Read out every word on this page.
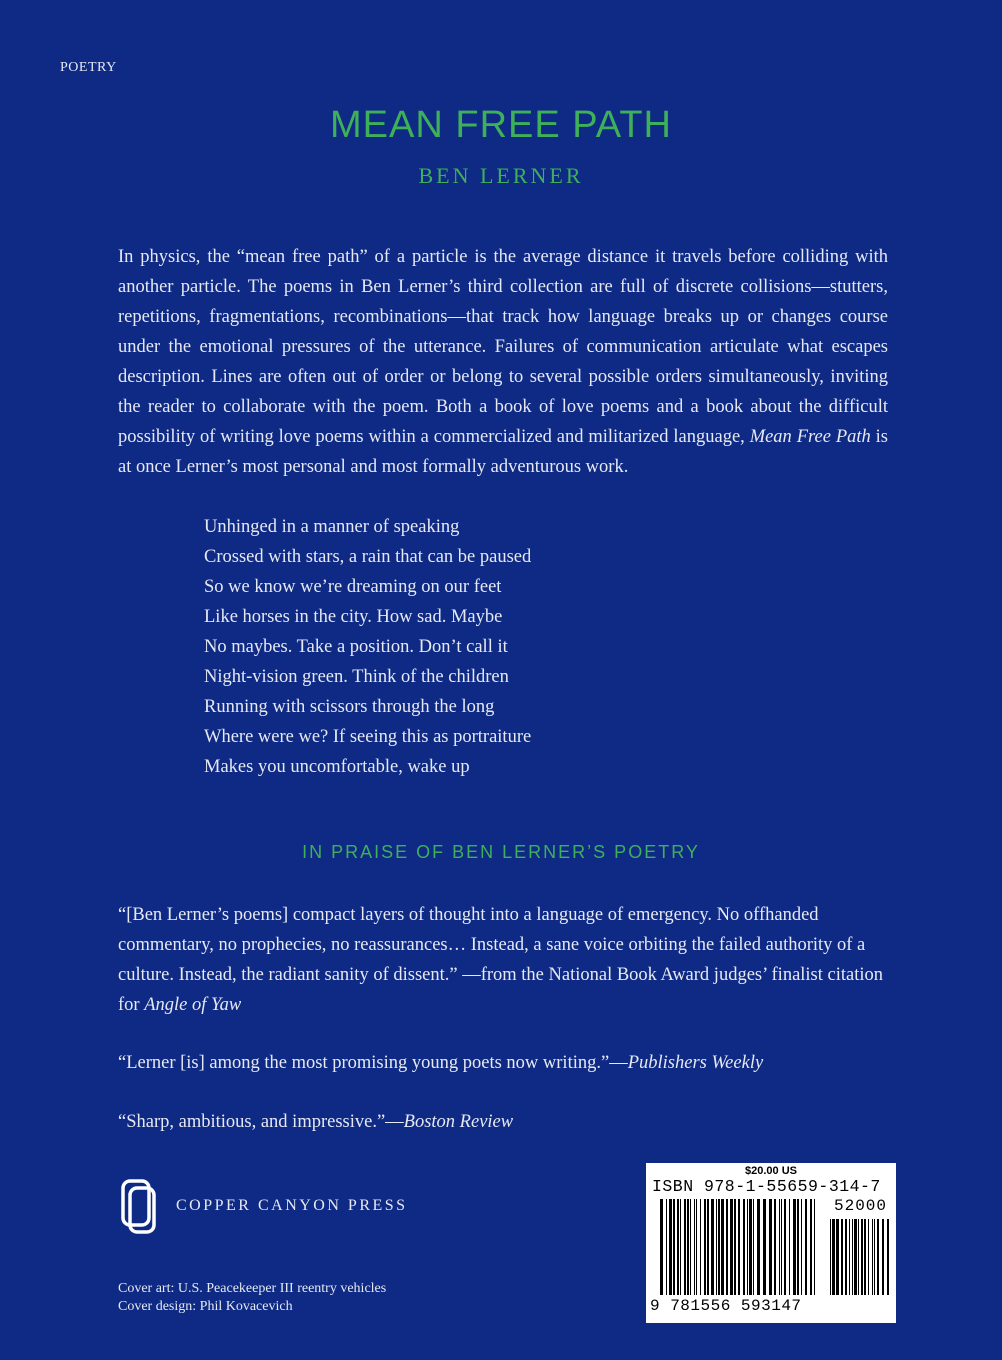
POETRY
MEAN FREE PATH
BEN LERNER

In physics, the “mean free path” of a particle is the average distance it travels before colliding with another particle. The poems in Ben Lerner’s third collection are full of discrete collisions—stutters, repetitions, fragmentations, recombinations—that track how language breaks up or changes course under the emotional pressures of the utterance. Failures of communication articulate what escapes description. Lines are often out of order or belong to several possible orders simultaneously, inviting the reader to collaborate with the poem. Both a book of love poems and a book about the difficult possibility of writing love poems within a commercialized and militarized language, Mean Free Path is at once Lerner’s most personal and most formally adventurous work.

Unhinged in a manner of speaking
Crossed with stars, a rain that can be paused
So we know we’re dreaming on our feet
Like horses in the city. How sad. Maybe
No maybes. Take a position. Don’t call it
Night-vision green. Think of the children
Running with scissors through the long
Where were we? If seeing this as portraiture
Makes you uncomfortable, wake up
IN PRAISE OF BEN LERNER’S POETRY
“[Ben Lerner’s poems] compact layers of thought into a language of emergency. No offhanded commentary, no prophecies, no reassurances… Instead, a sane voice orbiting the failed authority of a culture. Instead, the radiant sanity of dissent.” —from the National Book Award judges’ finalist citation for Angle of Yaw
“Lerner [is] among the most promising young poets now writing.”—Publishers Weekly
“Sharp, ambitious, and impressive.”—Boston Review
COPPER CANYON PRESS
Cover art: U.S. Peacekeeper III reentry vehicles
Cover design: Phil Kovacevich
$20.00 US
ISBN 978-1-55659-314-7
52000
9 781556 593147
